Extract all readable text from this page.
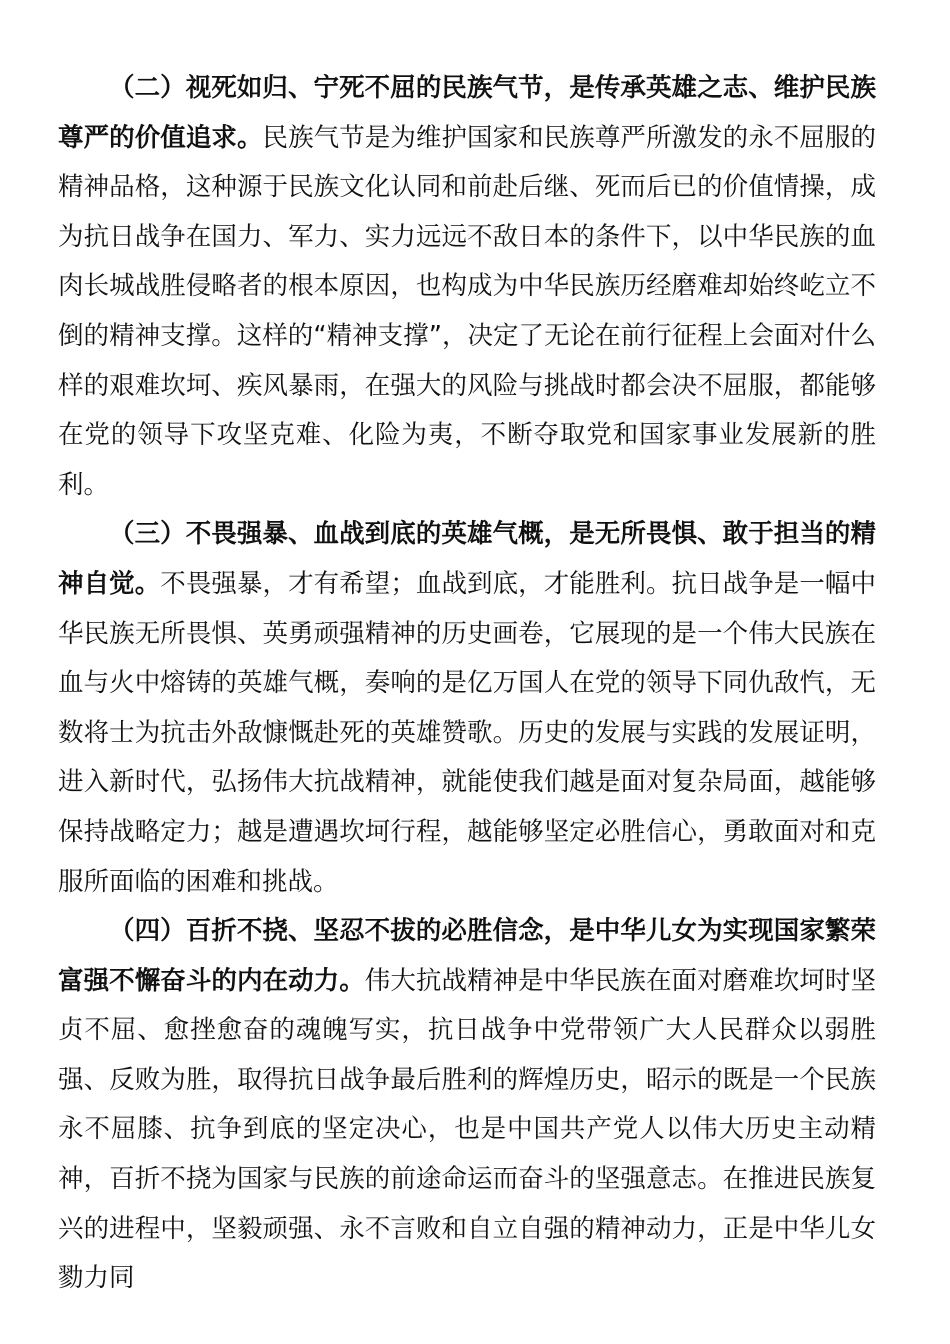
（二）视死如归、宁死不屈的民族气节，是传承英雄之志、维护民族尊严的价值追求。民族气节是为维护国家和民族尊严所激发的永不屈服的精神品格，这种源于民族文化认同和前赴后继、死而后已的价值情操，成为抗日战争在国力、军力、实力远远不敌日本的条件下，以中华民族的血肉长城战胜侵略者的根本原因，也构成为中华民族历经磨难却始终屹立不倒的精神支撑。这样的“精神支撑”，决定了无论在前行征程上会面对什么样的艰难坎坷、疾风暴雨，在强大的风险与挑战时都会决不屈服，都能够在党的领导下攻坚克难、化险为夷，不断夺取党和国家事业发展新的胜利。

（三）不畏强暴、血战到底的英雄气概，是无所畏惧、敢于担当的精神自觉。不畏强暴，才有希望；血战到底，才能胜利。抗日战争是一幅中华民族无所畏惧、英勇顽强精神的历史画卷，它展现的是一个伟大民族在血与火中熔铸的英雄气概，奏响的是亿万国人在党的领导下同仇敌忾，无数将士为抗击外敌慷慨赴死的英雄赞歌。历史的发展与实践的发展证明，进入新时代，弘扬伟大抗战精神，就能使我们越是面对复杂局面，越能够保持战略定力；越是遭遇坎坷行程，越能够坚定必胜信心，勇敢面对和克服所面临的困难和挑战。

（四）百折不挠、坚忍不拔的必胜信念，是中华儿女为实现国家繁荣富强不懈奋斗的内在动力。伟大抗战精神是中华民族在面对磨难坎坷时坚贞不屈、愈挫愈奋的魂魄写实，抗日战争中党带领广大人民群众以弱胜强、反败为胜，取得抗日战争最后胜利的辉煌历史，昭示的既是一个民族永不屈膝、抗争到底的坚定决心，也是中国共产党人以伟大历史主动精神，百折不挠为国家与民族的前途命运而奋斗的坚强意志。在推进民族复兴的进程中，坚毅顽强、永不言败和自立自强的精神动力，正是中华儿女勠力同
